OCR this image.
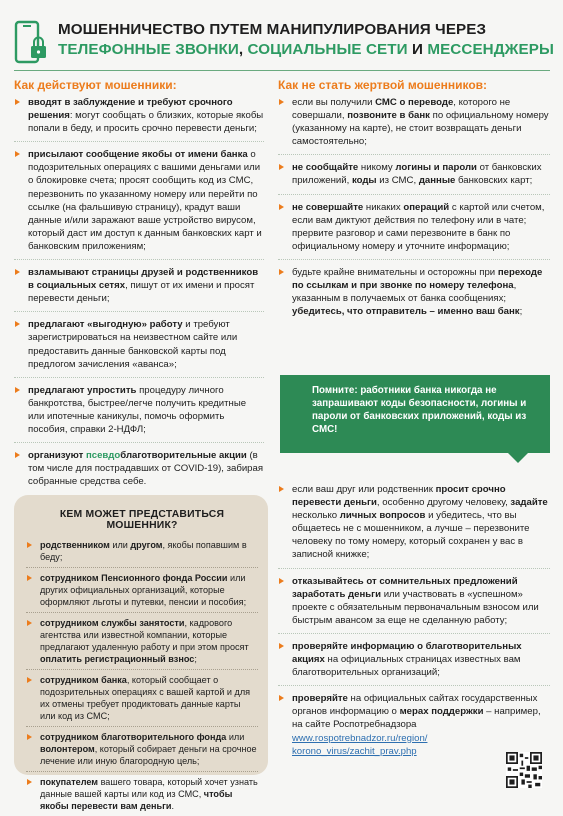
МОШЕННИЧЕСТВО ПУТЕМ МАНИПУЛИРОВАНИЯ ЧЕРЕЗ
ТЕЛЕФОННЫЕ ЗВОНКИ, СОЦИАЛЬНЫЕ СЕТИ И МЕССЕНДЖЕРЫ
Как действуют мошенники:	Как не стать жертвой мошенников:
вводят в заблуждение и требуют срочного решения: могут сообщать о близких, которые якобы попали в беду, и просить срочно перевести деньги;
присылают сообщение якобы от имени банка о подозрительных операциях с вашими деньгами или о блокировке счета; просят сообщить код из СМС, перезвонить по указанному номеру или перейти по ссылке (на фальшивую страницу), крадут ваши данные и/или заражают ваше устройство вирусом, который даст им доступ к данным банковских карт и банковским приложениям;
взламывают страницы друзей и родственников в социальных сетях, пишут от их имени и просят перевести деньги;
предлагают «выгодную» работу и требуют зарегистрироваться на неизвестном сайте или предоставить данные банковской карты под предлогом зачисления «аванса»;
предлагают упростить процедуру личного банкротства, быстрее/легче получить кредитные или ипотечные каникулы, помочь оформить пособия, справки 2-НДФЛ;
организуют псевдоблаготворительные акции (в том числе для пострадавших от COVID-19), забирая собранные средства себе.
если вы получили СМС о переводе, которого не совершали, позвоните в банк по официальному номеру (указанному на карте), не стоит возвращать деньги самостоятельно;
не сообщайте никому логины и пароли от банковских приложений, коды из СМС, данные банковских карт;
не совершайте никаких операций с картой или счетом, если вам диктуют действия по телефону или в чате; прервите разговор и сами перезвоните в банк по официальному номеру и уточните информацию;
будьте крайне внимательны и осторожны при переходе по ссылкам и при звонке по номеру телефона, указанным в получаемых от банка сообщениях; убедитесь, что отправитель – именно ваш банк;
Помните: работники банка никогда не запрашивают коды безопасности, логины и пароли от банковских приложений, коды из СМС!
если ваш друг или родственник просит срочно перевести деньги, особенно другому человеку, задайте несколько личных вопросов и убедитесь, что вы общаетесь не с мошенником, а лучше – перезвоните человеку по тому номеру, который сохранен у вас в записной книжке;
отказывайтесь от сомнительных предложений заработать деньги или участвовать в «успешном» проекте с обязательным первоначальным взносом или быстрым авансом за еще не сделанную работу;
проверяйте информацию о благотворительных акциях на официальных страницах известных вам благотворительных организаций;
проверяйте на официальных сайтах государственных органов информацию о мерах поддержки – например, на сайте Роспотребнадзора
www.rospotrebnadzor.ru/region/
korono_virus/zachit_prav.php
КЕМ МОЖЕТ ПРЕДСТАВИТЬСЯ МОШЕННИК?
родственником или другом, якобы попавшим в беду;
сотрудником Пенсионного фонда России или других официальных организаций, которые оформляют льготы и путевки, пенсии и пособия;
сотрудником службы занятости, кадрового агентства или известной компании, которые предлагают удаленную работу и при этом просят оплатить регистрационный взнос;
сотрудником банка, который сообщает о подозрительных операциях с вашей картой и для их отмены требует продиктовать данные карты или код из СМС;
сотрудником благотворительного фонда или волонтером, который собирает деньги на срочное лечение или иную благородную цель;
покупателем вашего товара, который хочет узнать данные вашей карты или код из СМС, чтобы якобы перевести вам деньги.
